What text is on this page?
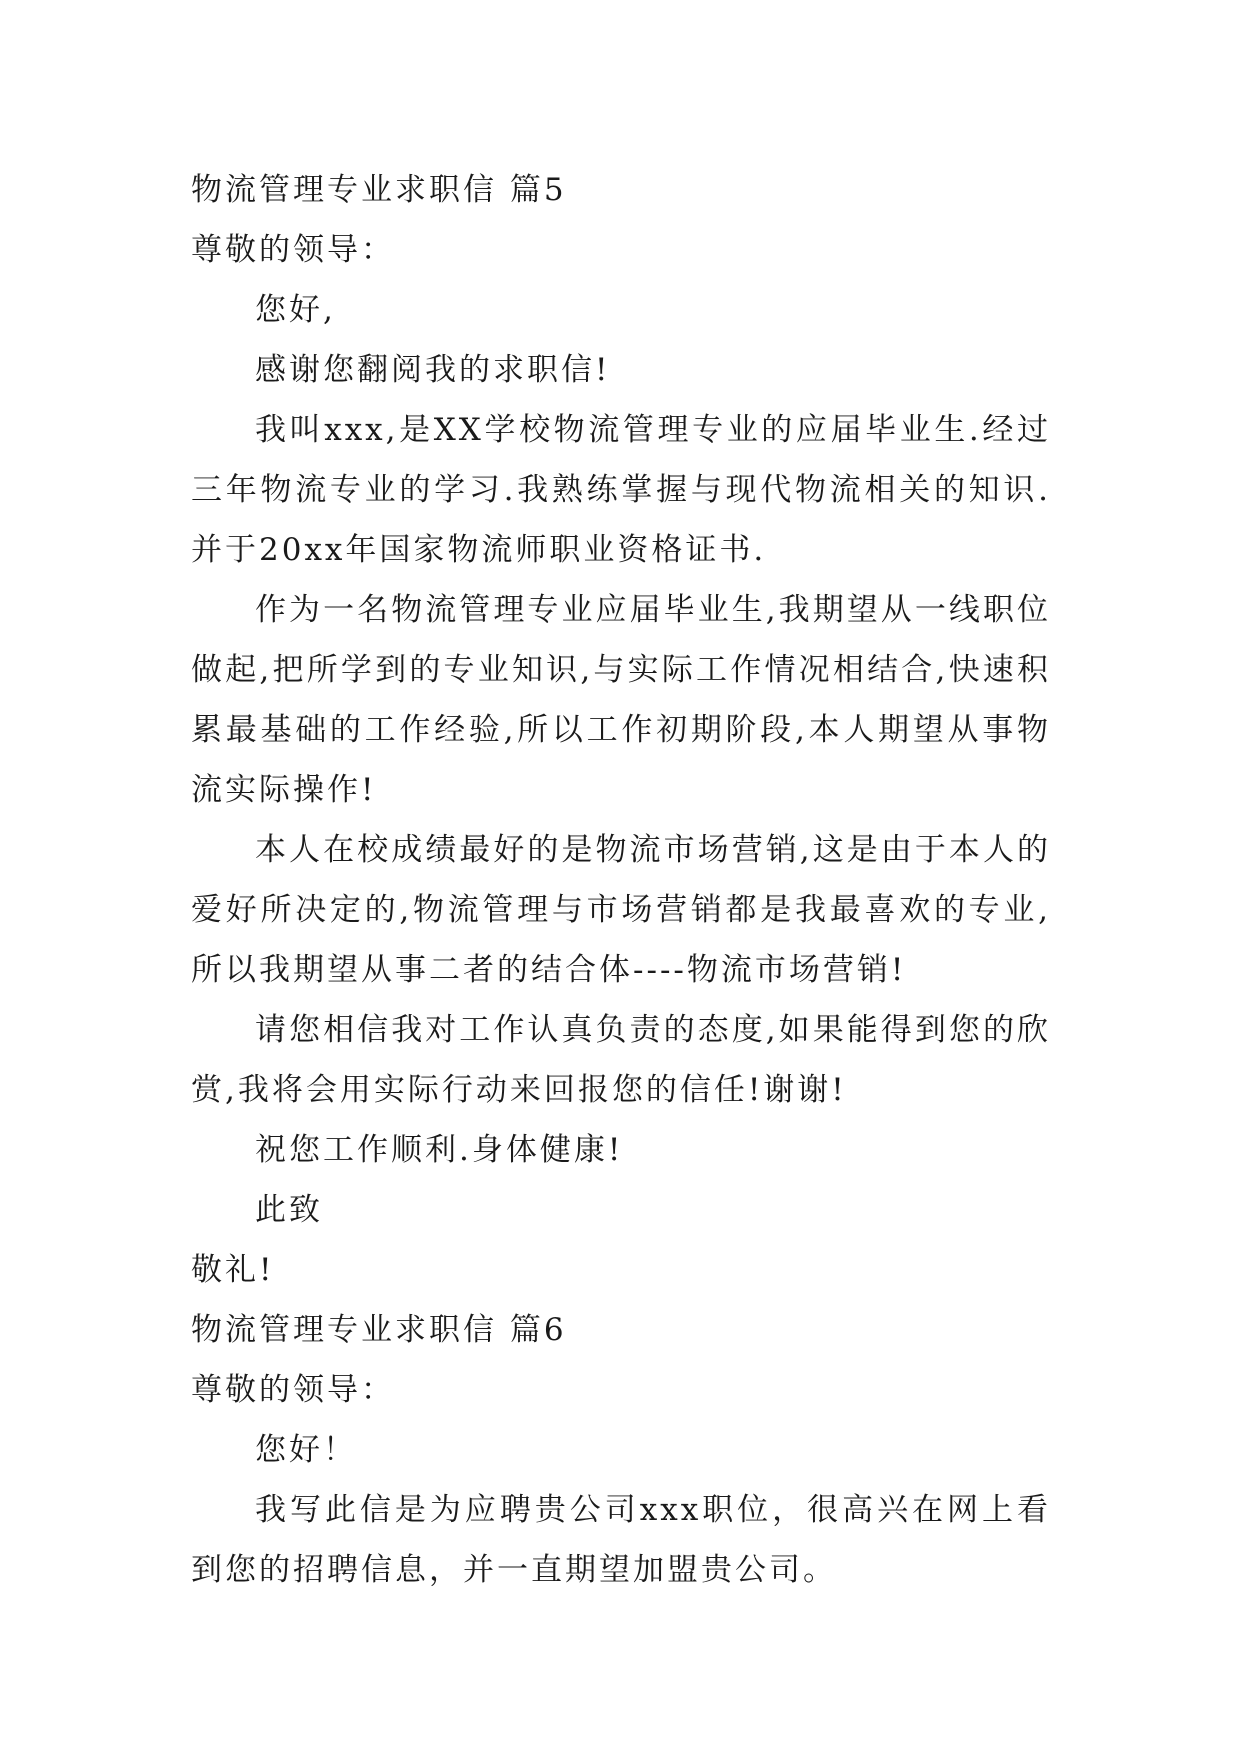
物流管理专业求职信 篇5

尊敬的领导：

您好,

感谢您翻阅我的求职信!

我叫xxx,是XX学校物流管理专业的应届毕业生.经过三年物流专业的学习.我熟练掌握与现代物流相关的知识.并于20xx年国家物流师职业资格证书.

作为一名物流管理专业应届毕业生,我期望从一线职位做起,把所学到的专业知识,与实际工作情况相结合,快速积累最基础的工作经验,所以工作初期阶段,本人期望从事物流实际操作!

本人在校成绩最好的是物流市场营销,这是由于本人的爱好所决定的,物流管理与市场营销都是我最喜欢的专业,所以我期望从事二者的结合体----物流市场营销!

请您相信我对工作认真负责的态度,如果能得到您的欣赏,我将会用实际行动来回报您的信任!谢谢!

祝您工作顺利.身体健康!

此致

敬礼!

物流管理专业求职信 篇6

尊敬的领导：

您好！

我写此信是为应聘贵公司xxx职位，很高兴在网上看到您的招聘信息，并一直期望加盟贵公司。
